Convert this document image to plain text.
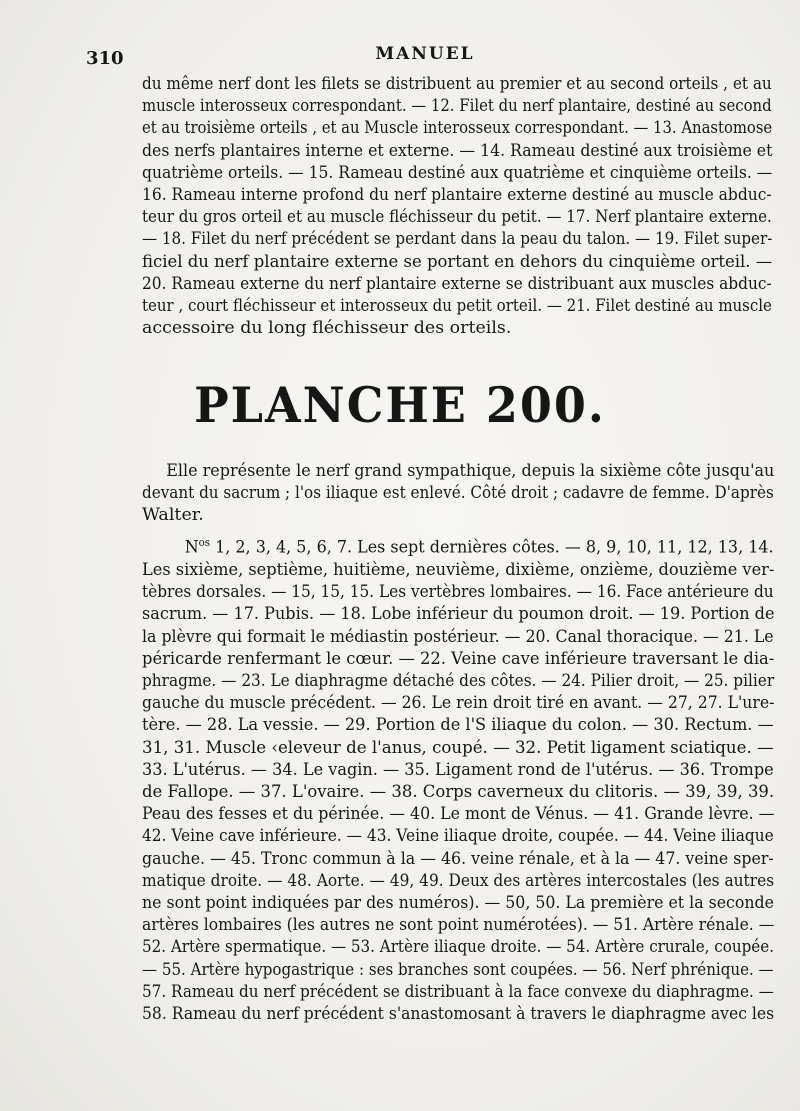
310	MANUEL
du même nerf dont les filets se distribuent au premier et au second orteils , et au
muscle interosseux correspondant. — 12. Filet du nerf plantaire, destiné au second
et au troisième orteils , et au Muscle interosseux correspondant. — 13. Anastomose
des nerfs plantaires interne et externe. — 14. Rameau destiné aux troisième et
quatrième orteils. — 15. Rameau destiné aux quatrième et cinquième orteils. —
16. Rameau interne profond du nerf plantaire externe destiné au muscle abduc-
teur du gros orteil et au muscle fléchisseur du petit. — 17. Nerf plantaire externe.
— 18. Filet du nerf précédent se perdant dans la peau du talon. — 19. Filet super-
ficiel du nerf plantaire externe se portant en dehors du cinquième orteil. —
20. Rameau externe du nerf plantaire externe se distribuant aux muscles abduc-
teur , court fléchisseur et interosseux du petit orteil. — 21. Filet destiné au muscle
accessoire du long fléchisseur des orteils.
PLANCHE 200.
Elle représente le nerf grand sympathique, depuis la sixième côte jusqu'au
devant du sacrum ; l'os iliaque est enlevé. Côté droit ; cadavre de femme. D'après
Walter.
$N^{os}$ 1, 2, 3, 4, 5, 6, 7. Les sept dernières côtes. — 8, 9, 10, 11, 12, 13, 14.
Les sixième, septième, huitième, neuvième, dixième, onzième, douzième ver-
tèbres dorsales. — 15, 15, 15. Les vertèbres lombaires. — 16. Face antérieure du
sacrum. — 17. Pubis. — 18. Lobe inférieur du poumon droit. — 19. Portion de
la plèvre qui formait le médiastin postérieur. — 20. Canal thoracique. — 21. Le
péricarde renfermant le cœur. — 22. Veine cave inférieure traversant le dia-
phragme. — 23. Le diaphragme détaché des côtes. — 24. Pilier droit, — 25. pilier
gauche du muscle précédent. — 26. Le rein droit tiré en avant. — 27, 27. L'ure-
tère. — 28. La vessie. — 29. Portion de l'S iliaque du colon. — 30. Rectum. —
31, 31. Muscle ‹eleveur de l'anus, coupé. — 32. Petit ligament sciatique. —
33. L'utérus. — 34. Le vagin. — 35. Ligament rond de l'utérus. — 36. Trompe
de Fallope. — 37. L'ovaire. — 38. Corps caverneux du clitoris. — 39, 39, 39.
Peau des fesses et du périnée. — 40. Le mont de Vénus. — 41. Grande lèvre. —
42. Veine cave inférieure. — 43. Veine iliaque droite, coupée. — 44. Veine iliaque
gauche. — 45. Tronc commun à la — 46. veine rénale, et à la — 47. veine sper-
matique droite. — 48. Aorte. — 49, 49. Deux des artères intercostales (les autres
ne sont point indiquées par des numéros). — 50, 50. La première et la seconde
artères lombaires (les autres ne sont point numérotées). — 51. Artère rénale. —
52. Artère spermatique. — 53. Artère iliaque droite. — 54. Artère crurale, coupée.
— 55. Artère hypogastrique : ses branches sont coupées. — 56. Nerf phrénique. —
57. Rameau du nerf précédent se distribuant à la face convexe du diaphragme. —
58. Rameau du nerf précédent s'anastomosant à travers le diaphragme avec les
